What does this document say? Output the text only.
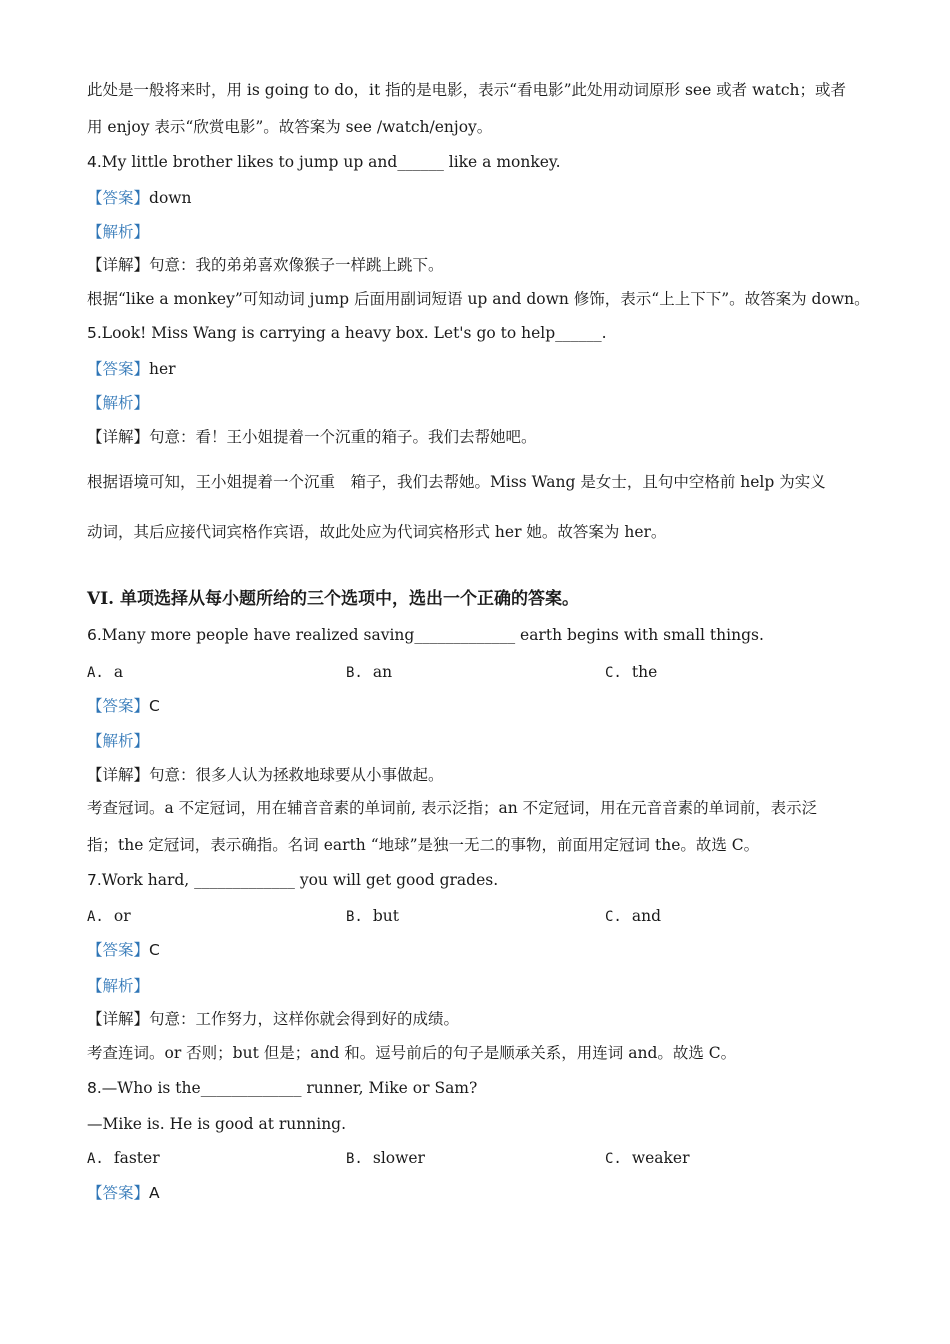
此处是一般将来时，用 is going to do，it 指的是电影，表示“看电影”此处用动词原形 see 或者 watch；或者
用 enjoy 表示“欣赏电影”。故答案为 see /watch/enjoy。
4.My little brother likes to jump up and______ like a monkey.
【答案】down
【解析】
【详解】句意：我的弟弟喜欢像猴子一样跳上跳下。
根据“like a monkey”可知动词 jump 后面用副词短语 up and down 修饰，表示“上上下下”。故答案为 down。
5.Look! Miss Wang is carrying a heavy box. Let's go to help______.
【答案】her
【解析】
【详解】句意：看！王小姐提着一个沉重的箱子。我们去帮她吧。
根据语境可知，王小姐提着一个沉重　箱子，我们去帮她。Miss Wang 是女士，且句中空格前 help 为实义
动词，其后应接代词宾格作宾语，故此处应为代词宾格形式 her 她。故答案为 her。
VI. 单项选择从每小题所给的三个选项中，选出一个正确的答案。
6.Many more people have realized saving_____________ earth begins with small things.
A. a	B. an	C. the
【答案】C
【解析】
【详解】句意：很多人认为拯救地球要从小事做起。
考查冠词。a 不定冠词，用在辅音音素的单词前, 表示泛指；an 不定冠词，用在元音音素的单词前，表示泛
指；the 定冠词，表示确指。名词 earth “地球”是独一无二的事物，前面用定冠词 the。故选 C。
7.Work hard, _____________ you will get good grades.
A. or	B. but	C. and
【答案】C
【解析】
【详解】句意：工作努力，这样你就会得到好的成绩。
考查连词。or 否则；but 但是；and 和。逗号前后的句子是顺承关系，用连词 and。故选 C。
8.—Who is the_____________ runner, Mike or Sam?
—Mike is. He is good at running.
A. faster	B. slower	C. weaker
【答案】A
